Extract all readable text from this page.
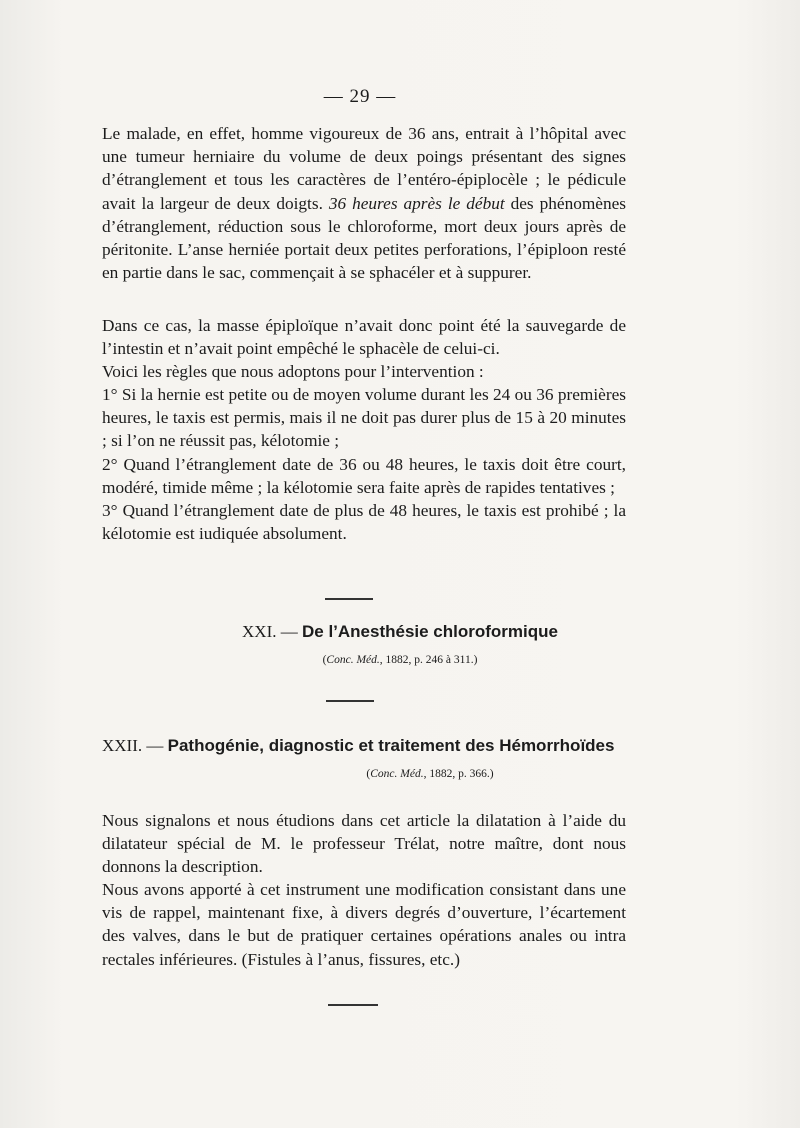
— 29 —

Le malade, en effet, homme vigoureux de 36 ans, entrait à l’hôpital avec une tumeur herniaire du volume de deux poings présentant des signes d’étranglement et tous les caractères de l’entéro-épiplocèle ; le pédicule avait la largeur de deux doigts. 36 heures après le début des phénomènes d’étranglement, réduction sous le chloroforme, mort deux jours après de péritonite. L’anse herniée portait deux petites perforations, l’épiploon resté en partie dans le sac, commençait à se sphacéler et à suppurer.

Dans ce cas, la masse épiploïque n’avait donc point été la sauvegarde de l’intestin et n’avait point empêché le sphacèle de celui-ci.

Voici les règles que nous adoptons pour l’intervention :

1° Si la hernie est petite ou de moyen volume durant les 24 ou 36 premières heures, le taxis est permis, mais il ne doit pas durer plus de 15 à 20 minutes ; si l’on ne réussit pas, kélotomie ;

2° Quand l’étranglement date de 36 ou 48 heures, le taxis doit être court, modéré, timide même ; la kélotomie sera faite après de rapides tentatives ;

3° Quand l’étranglement date de plus de 48 heures, le taxis est prohibé ; la kélotomie est iudiquée absolument.

XXI. — De l’Anesthésie chloroformique
(Conc. Méd., 1882, p. 246 à 311.)
XXII. — Pathogénie, diagnostic et traitement des Hémorrhoïdes
(Conc. Méd., 1882, p. 366.)

Nous signalons et nous étudions dans cet article la dilatation à l’aide du dilatateur spécial de M. le professeur Trélat, notre maître, dont nous donnons la description.

Nous avons apporté à cet instrument une modification consistant dans une vis de rappel, maintenant fixe, à divers degrés d’ouverture, l’écartement des valves, dans le but de pratiquer certaines opérations anales ou intra rectales inférieures. (Fistules à l’anus, fissures, etc.)
